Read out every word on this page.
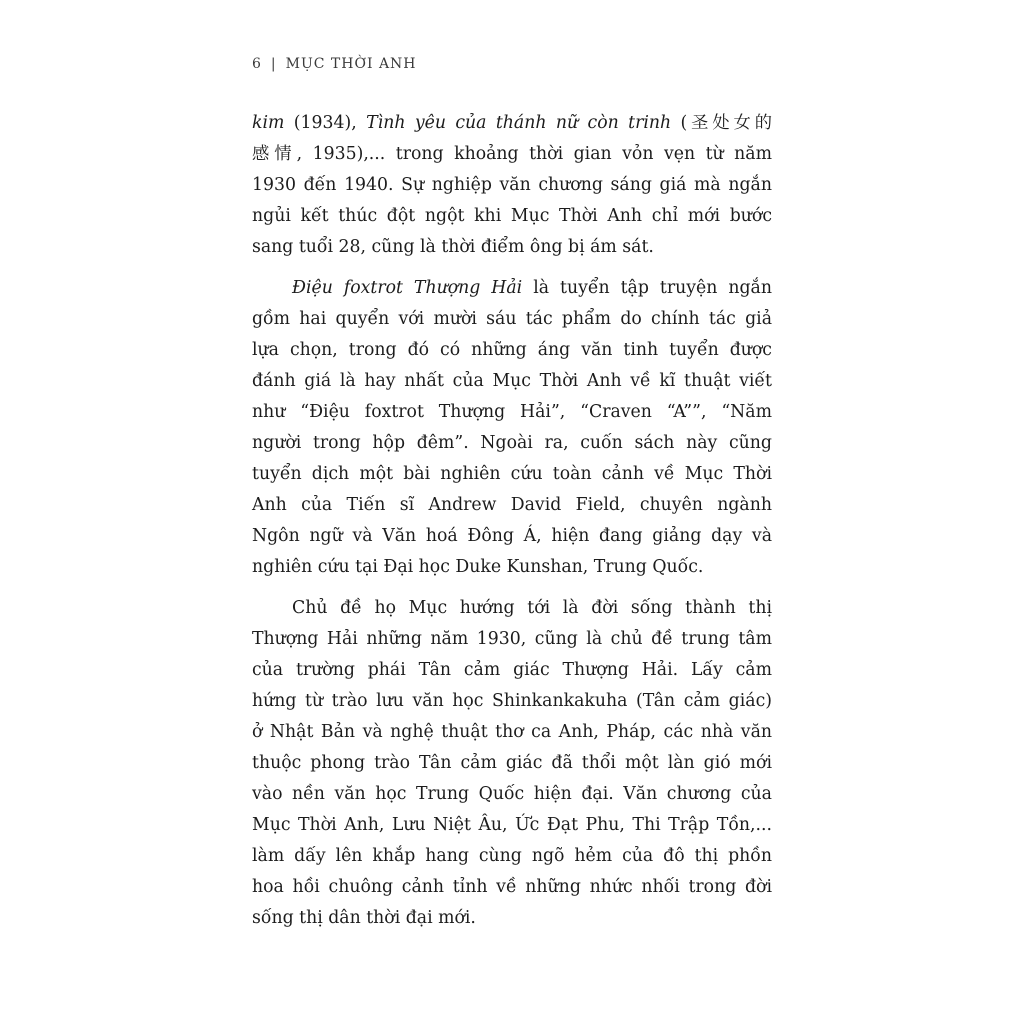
6 | MỤC THỜI ANH
kim (1934), Tình yêu của thánh nữ còn trinh (圣处女的
感情, 1935),... trong khoảng thời gian vỏn vẹn từ năm
1930 đến 1940. Sự nghiệp văn chương sáng giá mà ngắn
ngủi kết thúc đột ngột khi Mục Thời Anh chỉ mới bước
sang tuổi 28, cũng là thời điểm ông bị ám sát.
Điệu foxtrot Thượng Hải là tuyển tập truyện ngắn
gồm hai quyển với mười sáu tác phẩm do chính tác giả
lựa chọn, trong đó có những áng văn tinh tuyển được
đánh giá là hay nhất của Mục Thời Anh về kĩ thuật viết
như “Điệu foxtrot Thượng Hải”, “Craven “A””, “Năm
người trong hộp đêm”. Ngoài ra, cuốn sách này cũng
tuyển dịch một bài nghiên cứu toàn cảnh về Mục Thời
Anh của Tiến sĩ Andrew David Field, chuyên ngành
Ngôn ngữ và Văn hoá Đông Á, hiện đang giảng dạy và
nghiên cứu tại Đại học Duke Kunshan, Trung Quốc.
Chủ đề họ Mục hướng tới là đời sống thành thị
Thượng Hải những năm 1930, cũng là chủ đề trung tâm
của trường phái Tân cảm giác Thượng Hải. Lấy cảm
hứng từ trào lưu văn học Shinkankakuha (Tân cảm giác)
ở Nhật Bản và nghệ thuật thơ ca Anh, Pháp, các nhà văn
thuộc phong trào Tân cảm giác đã thổi một làn gió mới
vào nền văn học Trung Quốc hiện đại. Văn chương của
Mục Thời Anh, Lưu Niệt Âu, Ức Đạt Phu, Thi Trập Tồn,...
làm dấy lên khắp hang cùng ngõ hẻm của đô thị phồn
hoa hồi chuông cảnh tỉnh về những nhức nhối trong đời
sống thị dân thời đại mới.
